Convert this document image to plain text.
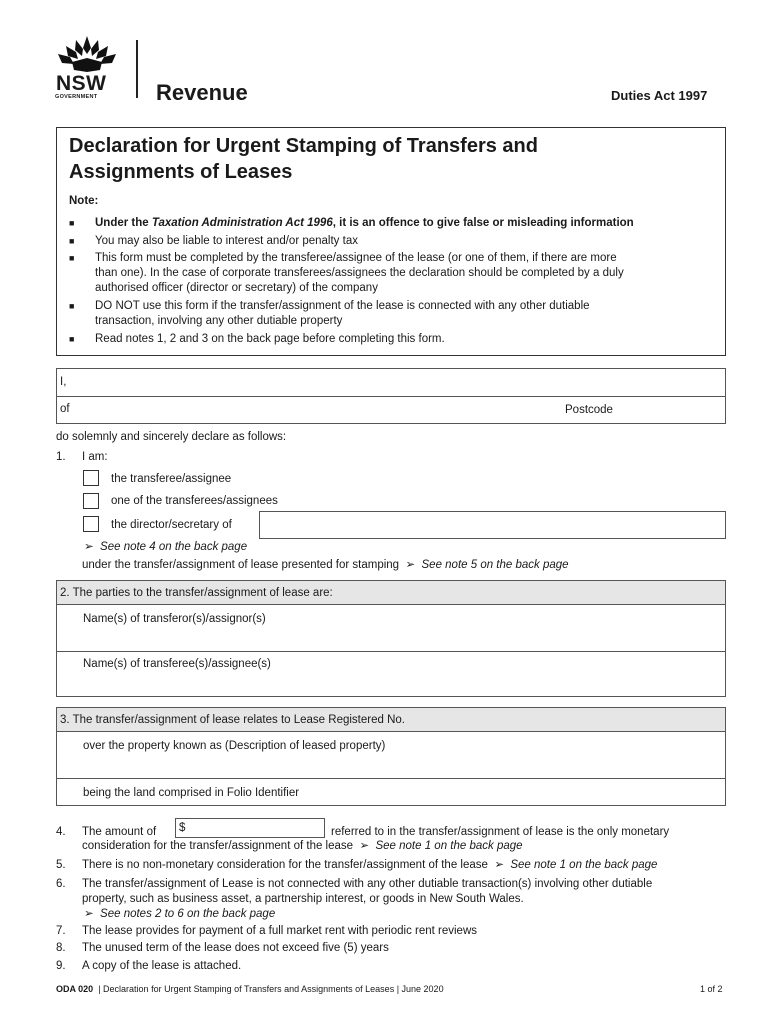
NSW
GOVERNMENT	Revenue	Duties Act 1997
Declaration for Urgent Stamping of Transfers and
Assignments of Leases
Note:
■ Under the Taxation Administration Act 1996, it is an offence to give false or misleading information
■ You may also be liable to interest and/or penalty tax
■ This form must be completed by the transferee/assignee of the lease (or one of them, if there are more
than one). In the case of corporate transferees/assignees the declaration should be completed by a duly
authorised officer (director or secretary) of the company
■ DO NOT use this form if the transfer/assignment of the lease is connected with any other dutiable
transaction, involving any other dutiable property
■ Read notes 1, 2 and 3 on the back page before completing this form.
I,
of	Postcode
do solemnly and sincerely declare as follows:
1. I am:
the transferee/assignee
one of the transferees/assignees
the director/secretary of
➢  See note 4 on the back page
under the transfer/assignment of lease presented for stamping ➢ See note 5 on the back page
2. The parties to the transfer/assignment of lease are:
Name(s) of transferor(s)/assignor(s)
Name(s) of transferee(s)/assignee(s)
3. The transfer/assignment of lease relates to Lease Registered No.
over the property known as (Description of leased property)
being the land comprised in Folio Identifier
4. The amount of $	referred to in the transfer/assignment of lease is the only monetary
consideration for the transfer/assignment of the lease ➢ See note 1 on the back page
5. There is no non-monetary consideration for the transfer/assignment of the lease ➢ See note 1 on the back page
6. The transfer/assignment of Lease is not connected with any other dutiable transaction(s) involving other dutiable
property, such as business asset, a partnership interest, or goods in New South Wales.
➢  See notes 2 to 6 on the back page
7. The lease provides for payment of a full market rent with periodic rent reviews
8. The unused term of the lease does not exceed five (5) years
9. A copy of the lease is attached.
ODA 020 | Declaration for Urgent Stamping of Transfers and Assignments of Leases | June 2020	1 of 2
